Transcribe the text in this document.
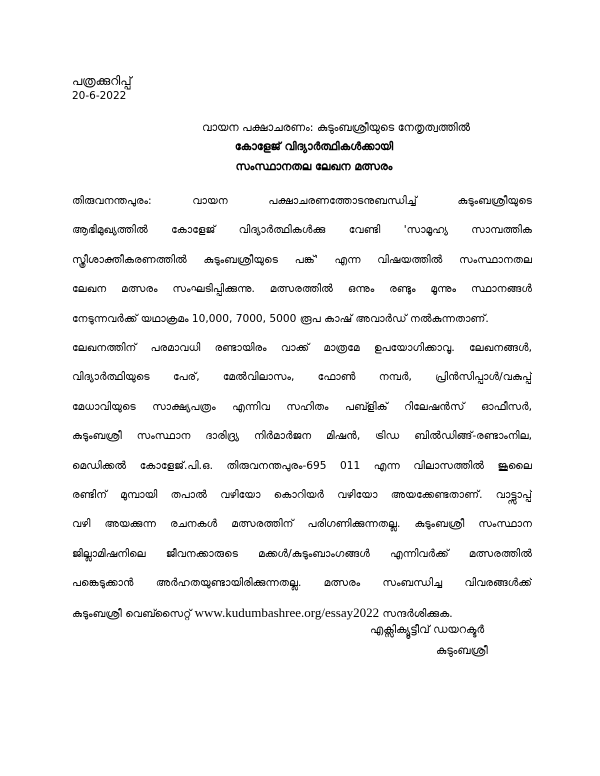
പത്രക്കുറിപ്പ്
20-6-2022
വായന പക്ഷാചരണം: കുടുംബശ്രീയുടെ നേതൃത്വത്തിൽ
കോളേജ് വിദ്യാർത്ഥികൾക്കായി
സംസ്ഥാനതല ലേഖന മത്സരം
തിരുവനന്തപുരം: വായന പക്ഷാചരണത്തോടനുബന്ധിച്ച് കുടുംബശ്രീയുടെ
ആഭിമുഖ്യത്തിൽ കോളേജ് വിദ്യാർത്ഥികൾക്കു വേണ്ടി 'സാമൂഹ്യ സാമ്പത്തിക
സ്ത്രീശാക്തീകരണത്തിൽ കുടുംബശ്രീയുടെ പങ്ക്' എന്ന വിഷയത്തിൽ സംസ്ഥാനതല
ലേഖന മത്സരം സംഘടിപ്പിക്കുന്നു. മത്സരത്തിൽ ഒന്നും രണ്ടും മൂന്നും സ്ഥാനങ്ങൾ
നേടുന്നവർക്ക് യഥാക്രമം 10,000, 7000, 5000 രൂപ കാഷ് അവാർഡ് നൽകുന്നതാണ്.
ലേഖനത്തിന് പരമാവധി രണ്ടായിരം വാക്ക് മാത്രമേ ഉപയോഗിക്കാവൂ. ലേഖനങ്ങൾ,
വിദ്യാർത്ഥിയുടെ പേര്, മേൽവിലാസം, ഫോൺ നമ്പർ, പ്രിൻസിപ്പാൾ/വകുപ്പ്
മേധാവിയുടെ സാക്ഷ്യപത്രം എന്നിവ സഹിതം പബ്ളിക് റിലേഷൻസ് ഓഫീസർ,
കുടുംബശ്രീ സംസ്ഥാന ദാരിദ്ര്യ നിർമാർജന മിഷൻ, ട്രിഡ ബിൽഡിങ്ങ്-രണ്ടാംനില,
മെഡിക്കൽ കോളേജ്.പി.ഒ. തിരുവനന്തപുരം-695 011 എന്ന വിലാസത്തിൽ ജൂലൈ
രണ്ടിന് മുമ്പായി തപാൽ വഴിയോ കൊറിയർ വഴിയോ അയക്കേണ്ടതാണ്. വാട്ട്സാപ്പ്
വഴി അയക്കുന്ന രചനകൾ മത്സരത്തിന് പരിഗണിക്കുന്നതല്ല. കുടുംബശ്രീ സംസ്ഥാന
ജില്ലാമിഷനിലെ ജീവനക്കാരുടെ മക്കൾ/കുടുംബാംഗങ്ങൾ എന്നിവർക്ക് മത്സരത്തിൽ
പങ്കെടുക്കാൻ അർഹതയുണ്ടായിരിക്കുന്നതല്ല. മത്സരം സംബന്ധിച്ച വിവരങ്ങൾക്ക്
കുടുംബശ്രീ വെബ്സൈറ്റ് www.kudumbashree.org/essay2022 സന്ദർശിക്കുക.
എക്സിക്യൂട്ടീവ് ഡയറക്ടർ
കുടുംബശ്രീ
